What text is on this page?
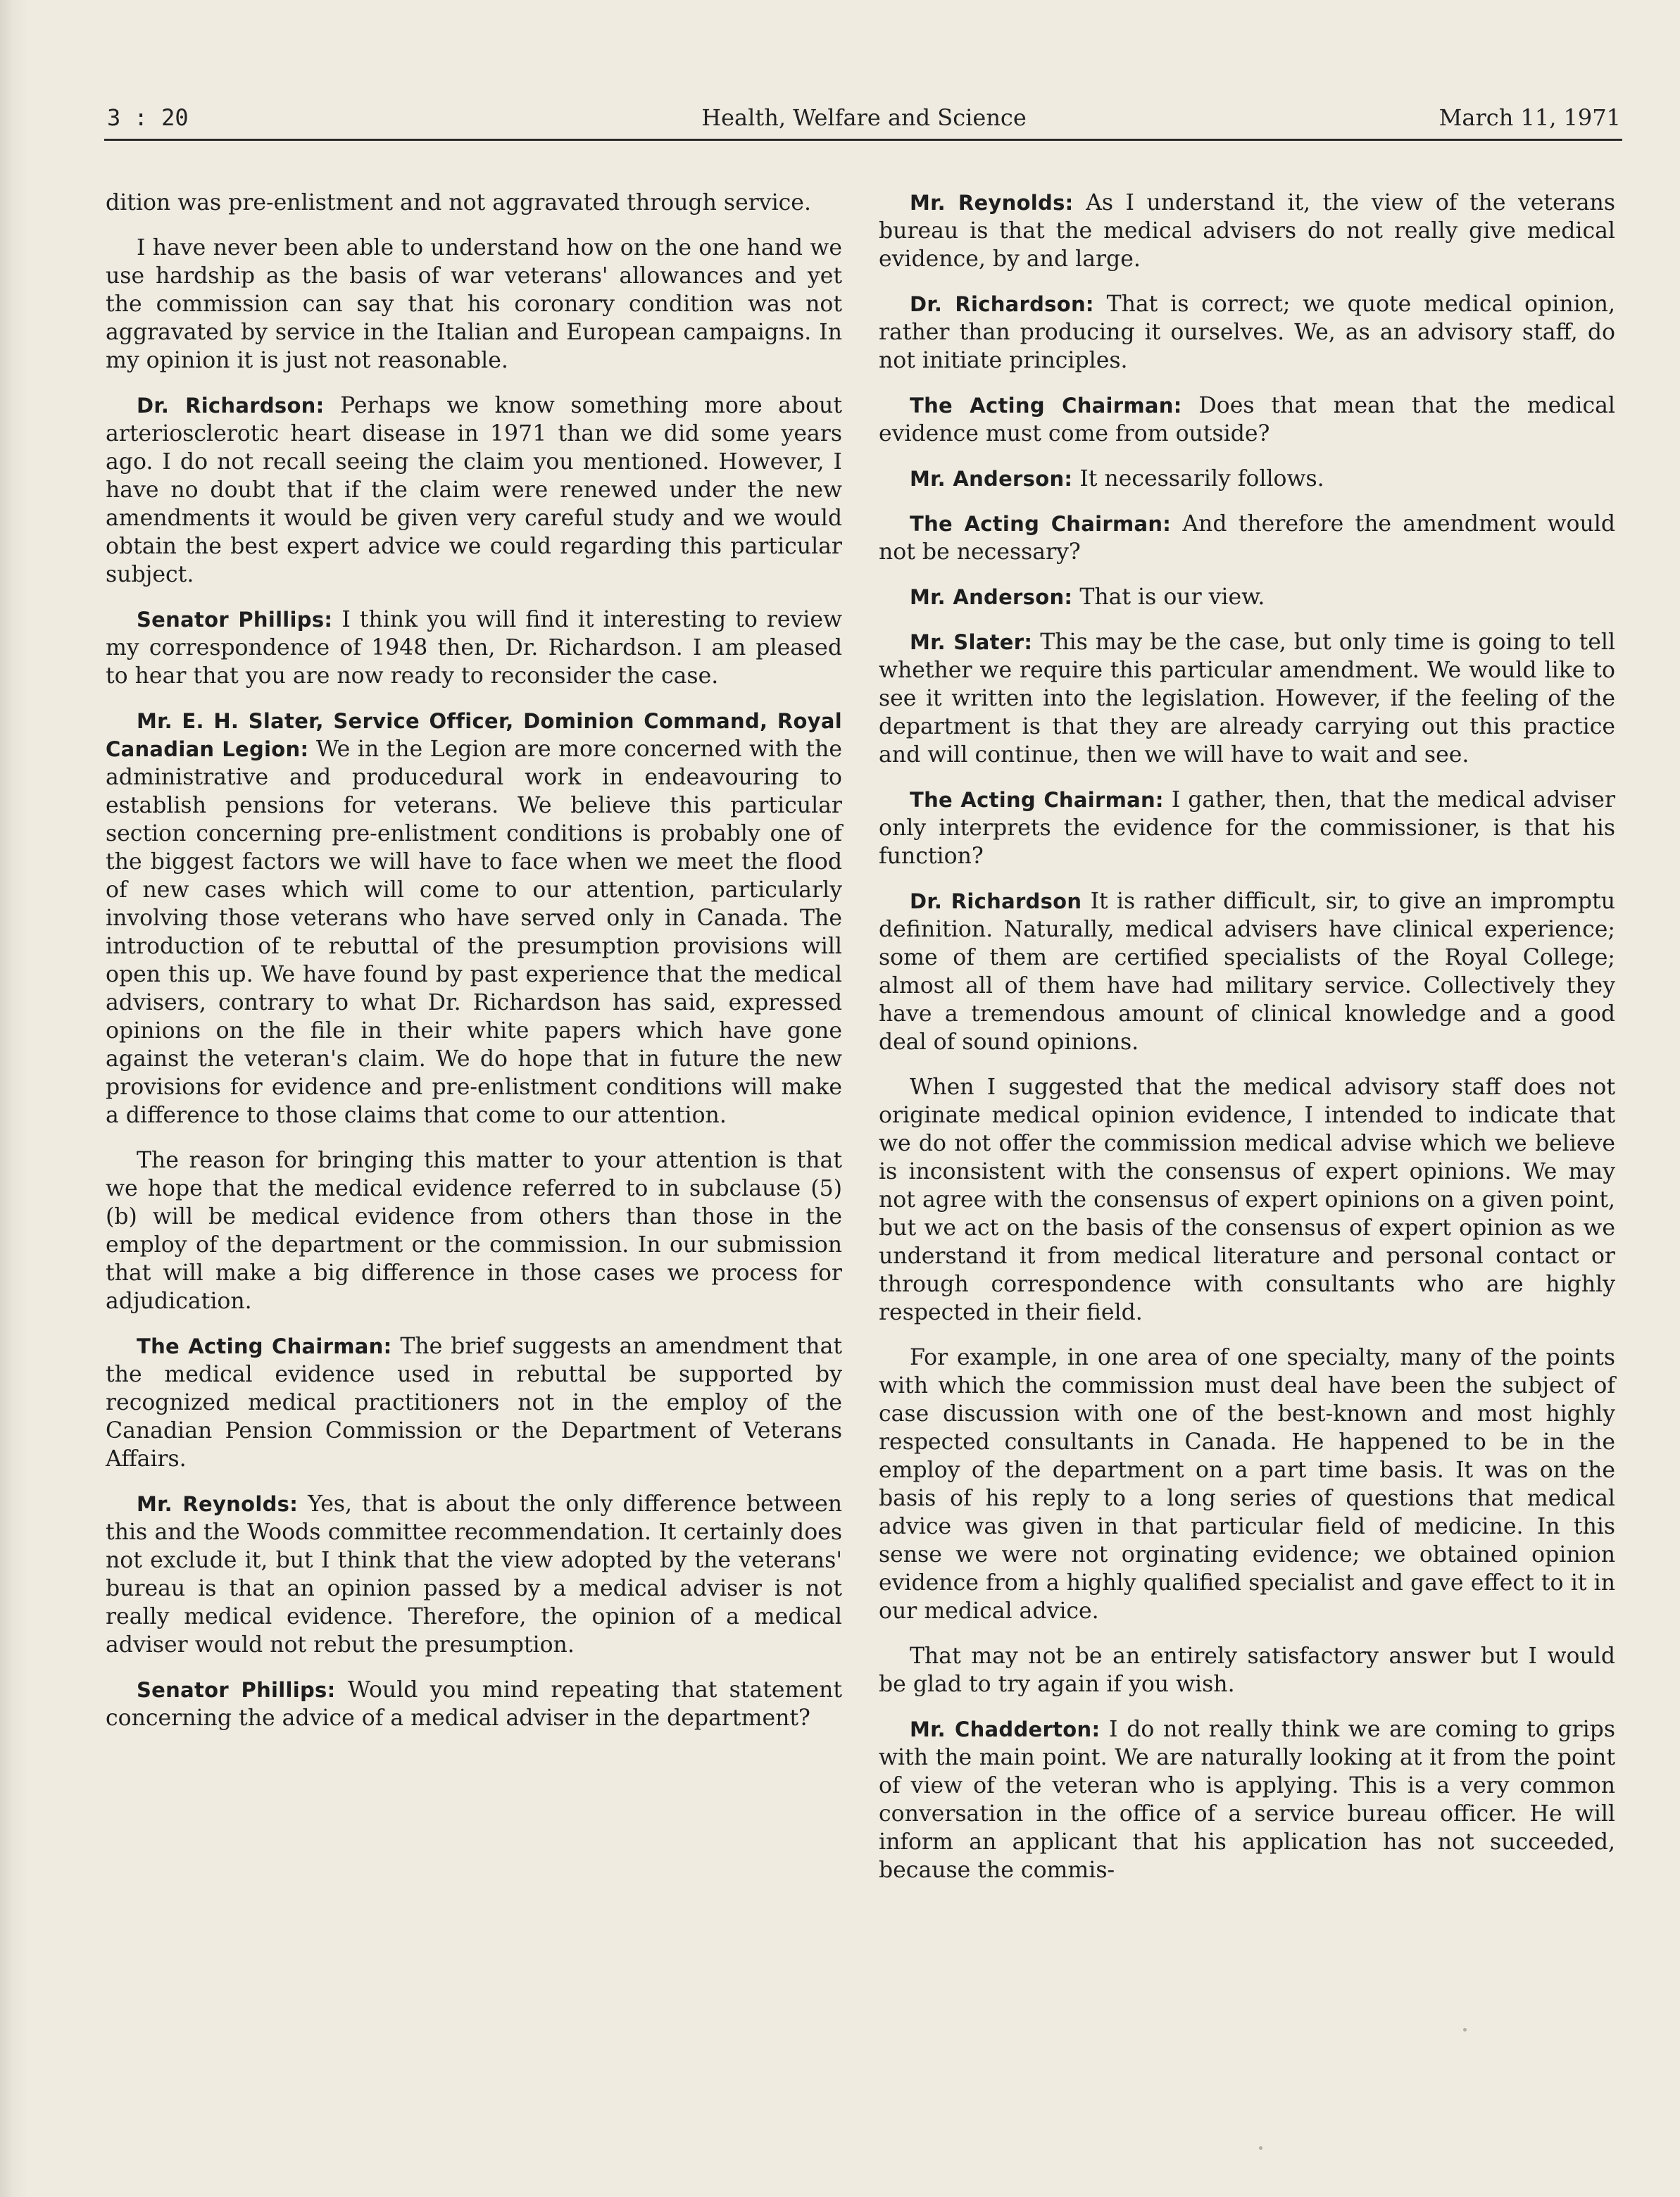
3 : 20	Health, Welfare and Science	March 11, 1971

dition was pre-enlistment and not aggravated through service.

I have never been able to understand how on the one hand we use hardship as the basis of war veterans' allowances and yet the commission can say that his coronary condition was not aggravated by service in the Italian and European campaigns. In my opinion it is just not reasonable.

Dr. Richardson: Perhaps we know something more about arteriosclerotic heart disease in 1971 than we did some years ago. I do not recall seeing the claim you mentioned. However, I have no doubt that if the claim were renewed under the new amendments it would be given very careful study and we would obtain the best expert advice we could regarding this particular subject.

Senator Phillips: I think you will find it interesting to review my correspondence of 1948 then, Dr. Richardson. I am pleased to hear that you are now ready to reconsider the case.

Mr. E. H. Slater, Service Officer, Dominion Command, Royal Canadian Legion: We in the Legion are more concerned with the administrative and producedural work in endeavouring to establish pensions for veterans. We believe this particular section concerning pre-enlistment conditions is probably one of the biggest factors we will have to face when we meet the flood of new cases which will come to our attention, particularly involving those veterans who have served only in Canada. The introduction of te rebuttal of the presumption provisions will open this up. We have found by past experience that the medical advisers, contrary to what Dr. Richardson has said, expressed opinions on the file in their white papers which have gone against the veteran's claim. We do hope that in future the new provisions for evidence and pre-enlistment conditions will make a difference to those claims that come to our attention.

The reason for bringing this matter to your attention is that we hope that the medical evidence referred to in subclause (5) (b) will be medical evidence from others than those in the employ of the department or the commission. In our submission that will make a big difference in those cases we process for adjudication.

The Acting Chairman: The brief suggests an amendment that the medical evidence used in rebuttal be supported by recognized medical practitioners not in the employ of the Canadian Pension Commission or the Department of Veterans Affairs.

Mr. Reynolds: Yes, that is about the only difference between this and the Woods committee recommendation. It certainly does not exclude it, but I think that the view adopted by the veterans' bureau is that an opinion passed by a medical adviser is not really medical evidence. Therefore, the opinion of a medical adviser would not rebut the presumption.

Senator Phillips: Would you mind repeating that statement concerning the advice of a medical adviser in the department?

Mr. Reynolds: As I understand it, the view of the veterans bureau is that the medical advisers do not really give medical evidence, by and large.

Dr. Richardson: That is correct; we quote medical opinion, rather than producing it ourselves. We, as an advisory staff, do not initiate principles.

The Acting Chairman: Does that mean that the medical evidence must come from outside?

Mr. Anderson: It necessarily follows.

The Acting Chairman: And therefore the amendment would not be necessary?

Mr. Anderson: That is our view.

Mr. Slater: This may be the case, but only time is going to tell whether we require this particular amendment. We would like to see it written into the legislation. However, if the feeling of the department is that they are already carrying out this practice and will continue, then we will have to wait and see.

The Acting Chairman: I gather, then, that the medical adviser only interprets the evidence for the commissioner, is that his function?

Dr. Richardson It is rather difficult, sir, to give an impromptu definition. Naturally, medical advisers have clinical experience; some of them are certified specialists of the Royal College; almost all of them have had military service. Collectively they have a tremendous amount of clinical knowledge and a good deal of sound opinions.

When I suggested that the medical advisory staff does not originate medical opinion evidence, I intended to indicate that we do not offer the commission medical advise which we believe is inconsistent with the consensus of expert opinions. We may not agree with the consensus of expert opinions on a given point, but we act on the basis of the consensus of expert opinion as we understand it from medical literature and personal contact or through correspondence with consultants who are highly respected in their field.

For example, in one area of one specialty, many of the points with which the commission must deal have been the subject of case discussion with one of the best-known and most highly respected consultants in Canada. He happened to be in the employ of the department on a part time basis. It was on the basis of his reply to a long series of questions that medical advice was given in that particular field of medicine. In this sense we were not orginating evidence; we obtained opinion evidence from a highly qualified specialist and gave effect to it in our medical advice.

That may not be an entirely satisfactory answer but I would be glad to try again if you wish.

Mr. Chadderton: I do not really think we are coming to grips with the main point. We are naturally looking at it from the point of view of the veteran who is applying. This is a very common conversation in the office of a service bureau officer. He will inform an applicant that his application has not succeeded, because the commis-
